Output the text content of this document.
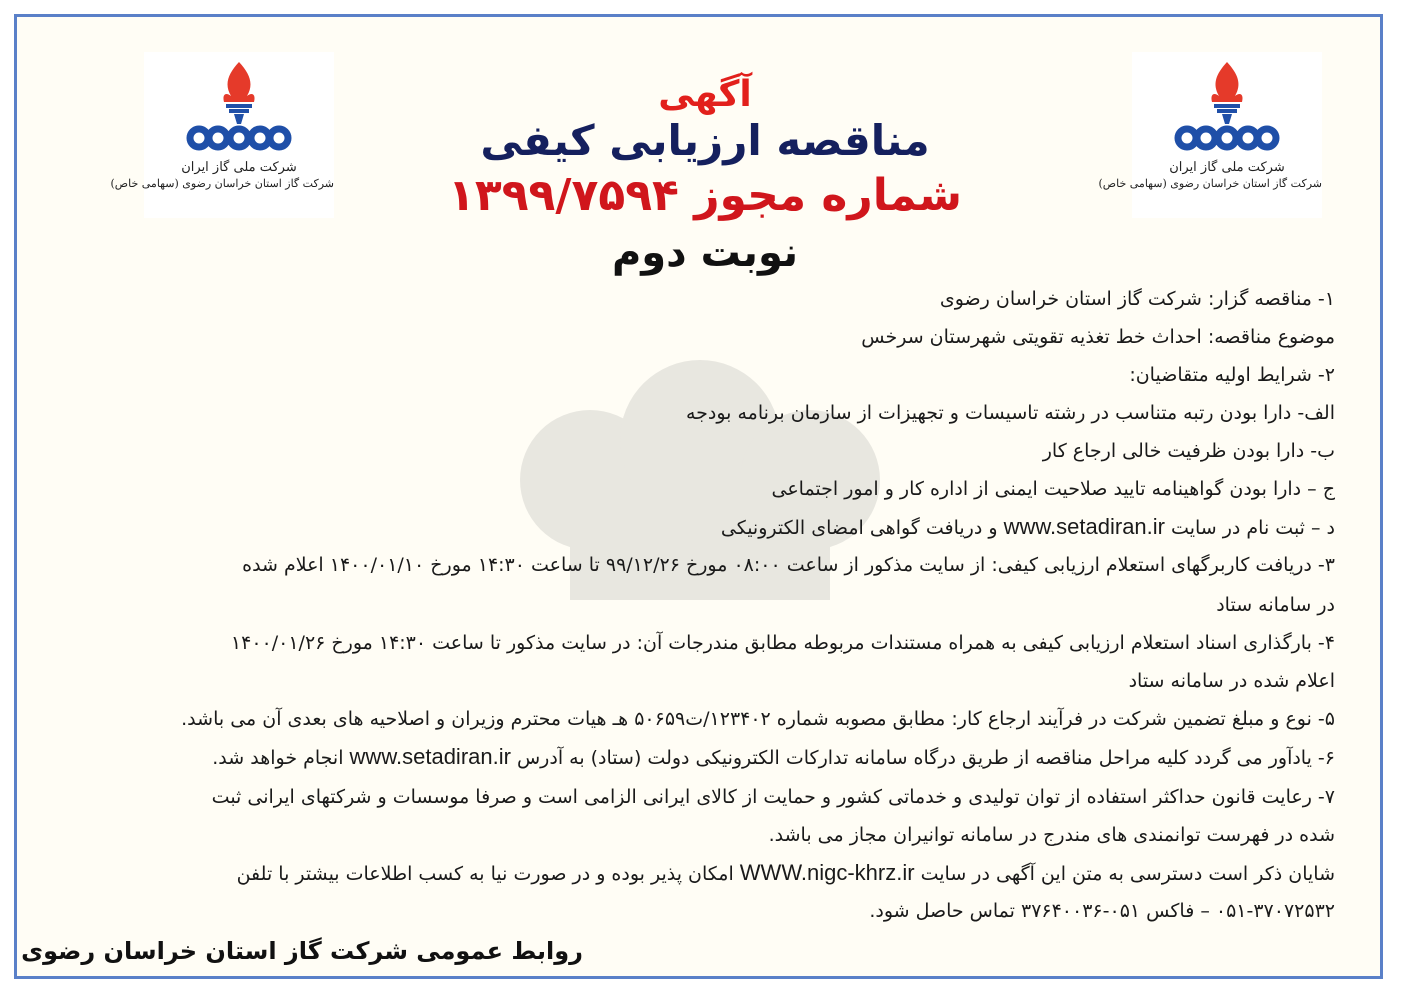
شرکت ملی گاز ایران
شرکت گاز استان خراسان رضوی (سهامی خاص)
شرکت ملی گاز ایران
شرکت گاز استان خراسان رضوی (سهامی خاص)
آگهی
مناقصه ارزیابی کیفی
شماره مجوز ۱۳۹۹/۷۵۹۴
نوبت دوم
۱- مناقصه گزار: شرکت گاز استان خراسان رضوی
موضوع مناقصه: احداث خط تغذیه تقویتی شهرستان سرخس
۲- شرایط اولیه متقاضیان:
الف- دارا بودن رتبه متناسب در رشته تاسیسات و تجهیزات از سازمان برنامه بودجه
ب- دارا بودن ظرفیت خالی ارجاع کار
ج – دارا بودن گواهینامه تایید صلاحیت ایمنی از اداره کار و امور اجتماعی
د – ثبت نام در سایت www.setadiran.ir و دریافت گواهی امضای الکترونیکی
۳- دریافت کاربرگهای استعلام ارزیابی کیفی: از سایت مذکور از ساعت ۰۸:۰۰ مورخ ۹۹/۱۲/۲۶ تا ساعت ۱۴:۳۰ مورخ ۱۴۰۰/۰۱/۱۰ اعلام شده
در سامانه ستاد
۴- بارگذاری اسناد استعلام ارزیابی کیفی به همراه مستندات مربوطه مطابق مندرجات آن: در سایت مذکور تا ساعت ۱۴:۳۰ مورخ ۱۴۰۰/۰۱/۲۶
اعلام شده در سامانه ستاد
۵- نوع و مبلغ تضمین شرکت در فرآیند ارجاع کار: مطابق مصوبه شماره ۱۲۳۴۰۲/ت۵۰۶۵۹ هـ هیات محترم وزیران و اصلاحیه های بعدی آن می باشد.
۶- یادآور می گردد کلیه مراحل مناقصه از طریق درگاه سامانه تدارکات الکترونیکی دولت (ستاد) به آدرس www.setadiran.ir انجام خواهد شد.
۷- رعایت قانون حداکثر استفاده از توان تولیدی و خدماتی کشور و حمایت از کالای ایرانی الزامی است و صرفا موسسات و شرکتهای ایرانی ثبت
شده در فهرست توانمندی های مندرج در سامانه توانیران مجاز می باشد.
شایان ذکر است دسترسی به متن این آگهی در سایت WWW.nigc-khrz.ir امکان پذیر بوده و در صورت نیا به کسب اطلاعات بیشتر با تلفن
۰۵۱-۳۷۰۷۲۵۳۲ – فاکس ۰۵۱-۳۷۶۴۰۰۳۶ تماس حاصل شود.
روابط عمومی شرکت گاز استان خراسان رضوی
